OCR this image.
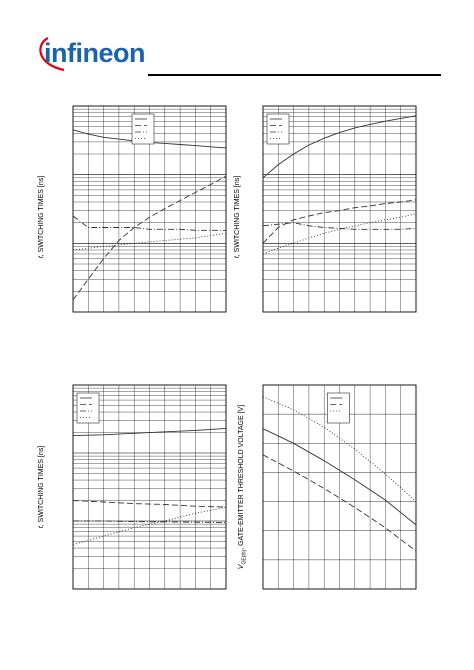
infineon
t, SWITCHING TIMES [ns]
t, SWITCHING TIMES [ns]
t, SWITCHING TIMES [ns]
$V_{GE(th)}$, GATE-EMITTER THRESHOLD VOLTAGE [V]
